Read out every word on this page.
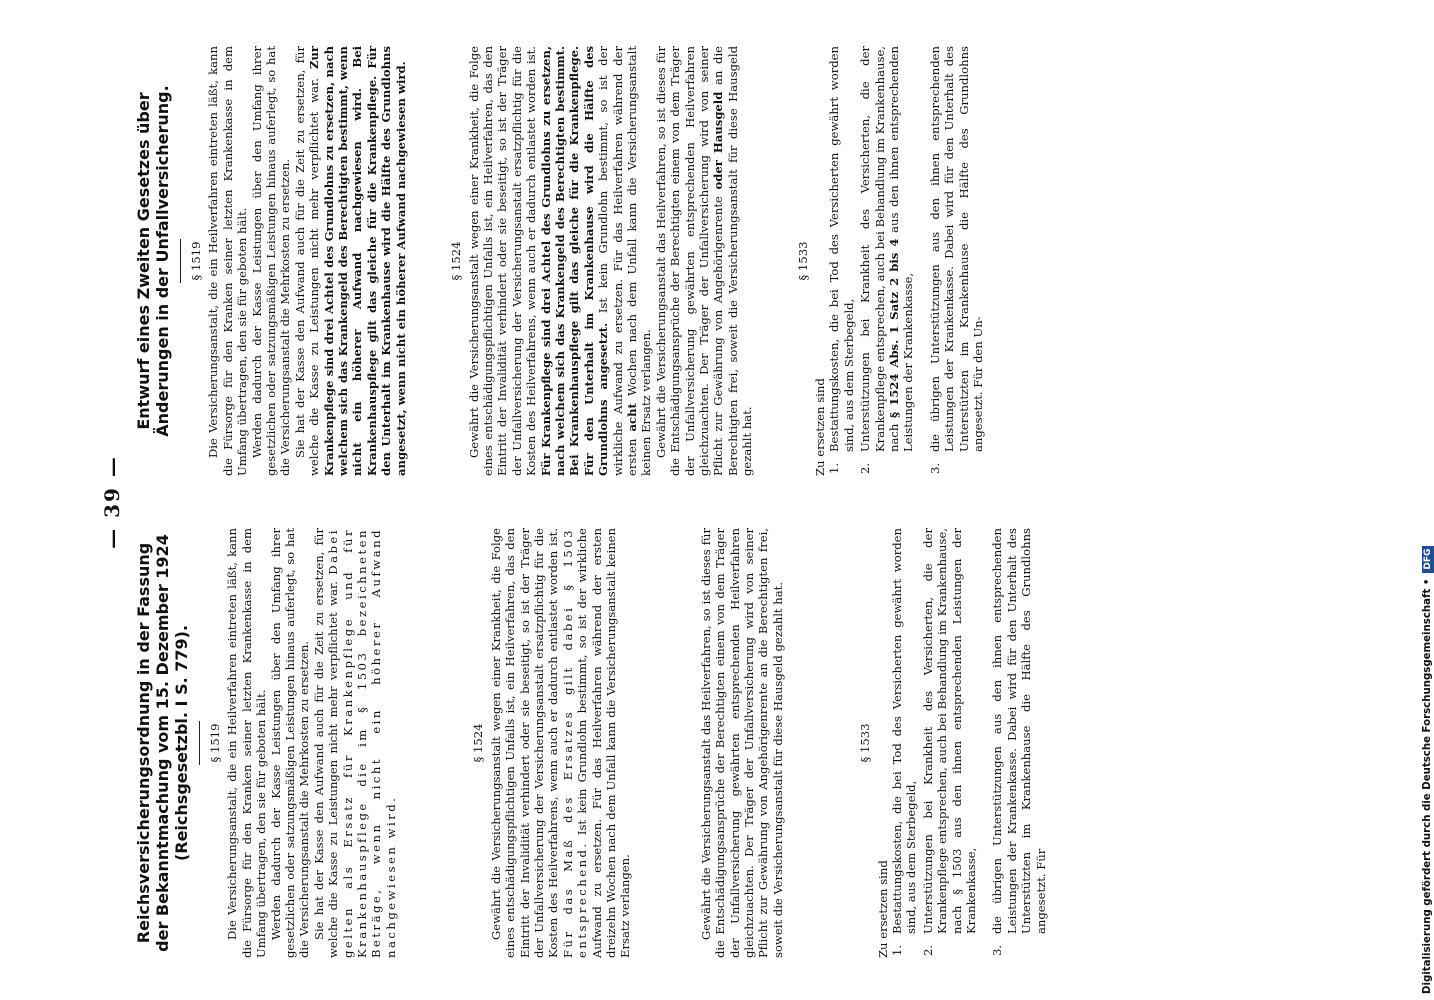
— 39 —
Reichsversicherungsordnung in der Fassung der Bekanntmachung vom 15. Dezember 1924 (Reichsgesetzbl. I S. 779). § 1519 Die Versicherungsanstalt, die ein Heilverfahren eintreten läßt, kann die Fürsorge für den Kranken seiner letzten Krankenkasse in dem Umfang übertragen, den sie für geboten hält. Werden dadurch der Kasse Leistungen über den Umfang ihrer gesetzlichen oder satzungsmäßigen Leistungen hinaus auferlegt, so hat die Versicherungsanstalt die Mehrkosten zu ersetzen. Sie hat der Kasse den Aufwand auch für die Zeit zu ersetzen, für welche die Kasse zu Leistungen nicht mehr verpflichtet war. Dabei gelten als Ersatz für Krankenpflege und für Krankenhauspflege die im § 1503 bezeichneten Beträge, wenn nicht ein höherer Aufwand nachgewiesen wird.

§ 1524 Gewährt die Versicherungsanstalt wegen einer Krankheit, die Folge eines entschädigungspflichtigen Unfalls ist, ein Heilverfahren, das den Eintritt der Invalidität verhindert oder sie beseitigt, so ist der Träger der Unfallversicherung der Versicherungsanstalt ersatzpflichtig für die Kosten des Heilverfahrens, wenn auch er dadurch entlastet worden ist. Für das Maß des Ersatzes gilt dabei § 1503 entsprechend. Ist kein Grundlohn bestimmt, so ist der wirkliche Aufwand zu ersetzen. Für das Heilverfahren während der ersten dreizehn Wochen nach dem Unfall kann die Versicherungsanstalt keinen Ersatz verlangen.	Gewährt die Versicherungsanstalt das Heilverfahren, so ist dieses für die Entschädigungsansprüche der Berechtigten einem von dem Träger der Unfallversicherung gewährten entsprechenden Heilverfahren gleichzuachten. Der Träger der Unfallversicherung wird von seiner Pflicht zur Gewährung von Angehörigenrente an die Berechtigten frei, soweit die Versicherungsanstalt für diese Hausgeld gezahlt hat.	§ 1533

Zu ersetzen sind 1.
Bestattungskosten, die bei Tod des Versicherten gewährt worden sind, aus dem Sterbegeld,
2.
Unterstützungen bei Krankheit des Versicherten, die der Krankenpflege entsprechen, auch bei Behandlung im Krankenhause, nach § 1503 aus den ihnen entsprechenden Leistungen der Krankenkasse,
3.
die übrigen Unterstützungen aus den ihnen entsprechenden Leistungen der Krankenkasse. Dabei wird für den Unterhalt des Unterstützten im Krankenhause die Hälfte des Grundlohns angesetzt. Für
Entwurf eines Zweiten Gesetzes über Änderungen in der Unfallversicherung. § 1519 Die Versicherungsanstalt, die ein Heilverfahren eintreten läßt, kann die Fürsorge für den Kranken seiner letzten Krankenkasse in dem Umfang übertragen, den sie für geboten hält. Werden dadurch der Kasse Leistungen über den Umfang ihrer gesetzlichen oder satzungsmäßigen Leistungen hinaus auferlegt, so hat die Versicherungsanstalt die Mehrkosten zu ersetzen. Sie hat der Kasse den Aufwand auch für die Zeit zu ersetzen, für welche die Kasse zu Leistungen nicht mehr verpflichtet war. Zur Krankenpflege sind drei Achtel des Grundlohns zu ersetzen, nach welchem sich das Krankengeld des Berechtigten bestimmt, wenn nicht ein höherer Aufwand nachgewiesen wird. Bei Krankenhauspflege gilt das gleiche für die Krankenpflege. Für den Unterhalt im Krankenhause wird die Hälfte des Grundlohns angesetzt, wenn nicht ein höherer Aufwand nachgewiesen wird.	§ 1524 Gewährt die Versicherungsanstalt wegen einer Krankheit, die Folge eines entschädigungspflichtigen Unfalls ist, ein Heilverfahren, das den Eintritt der Invalidität verhindert oder sie beseitigt, so ist der Träger der Unfallversicherung der Versicherungsanstalt ersatzpflichtig für die Kosten des Heilverfahrens, wenn auch er dadurch entlastet worden ist. Für Krankenpflege sind drei Achtel des Grundlohns zu ersetzen, nach welchem sich das Krankengeld des Berechtigten bestimmt. Bei Krankenhauspflege gilt das gleiche für die Krankenpflege. Für den Unterhalt im Krankenhause wird die Hälfte des Grundlohns angesetzt. Ist kein Grundlohn bestimmt, so ist der wirkliche Aufwand zu ersetzen. Für das Heilverfahren während der ersten acht Wochen nach dem Unfall kann die Versicherungsanstalt keinen Ersatz verlangen. Gewährt die Versicherungsanstalt das Heilverfahren, so ist dieses für die Entschädigungsansprüche der Berechtigten einem von dem Träger der Unfallversicherung gewährten entsprechenden Heilverfahren gleichzuachten. Der Träger der Unfallversicherung wird von seiner Pflicht zur Gewährung von Angehörigenrente oder Hausgeld an die Berechtigten frei, soweit die Versicherungsanstalt für diese Hausgeld gezahlt hat.

§ 1533

Zu ersetzen sind 1.
Bestattungskosten, die bei Tod des Versicherten gewährt worden sind, aus dem Sterbegeld,
2.
Unterstützungen bei Krankheit des Versicherten, die der Krankenpflege entsprechen, auch bei Behandlung im Krankenhause, nach § 1524 Abs. 1 Satz 2 bis 4 aus den ihnen entsprechenden Leistungen der Krankenkasse,
3.
die übrigen Unterstützungen aus den ihnen entsprechenden Leistungen der Krankenkasse. Dabei wird für den Unterhalt des Unterstützten im Krankenhause die Hälfte des Grundlohns angesetzt. Für den Un-
Digitalisierung gefördert durch die Deutsche Forschungsgemeinschaft •DFG
